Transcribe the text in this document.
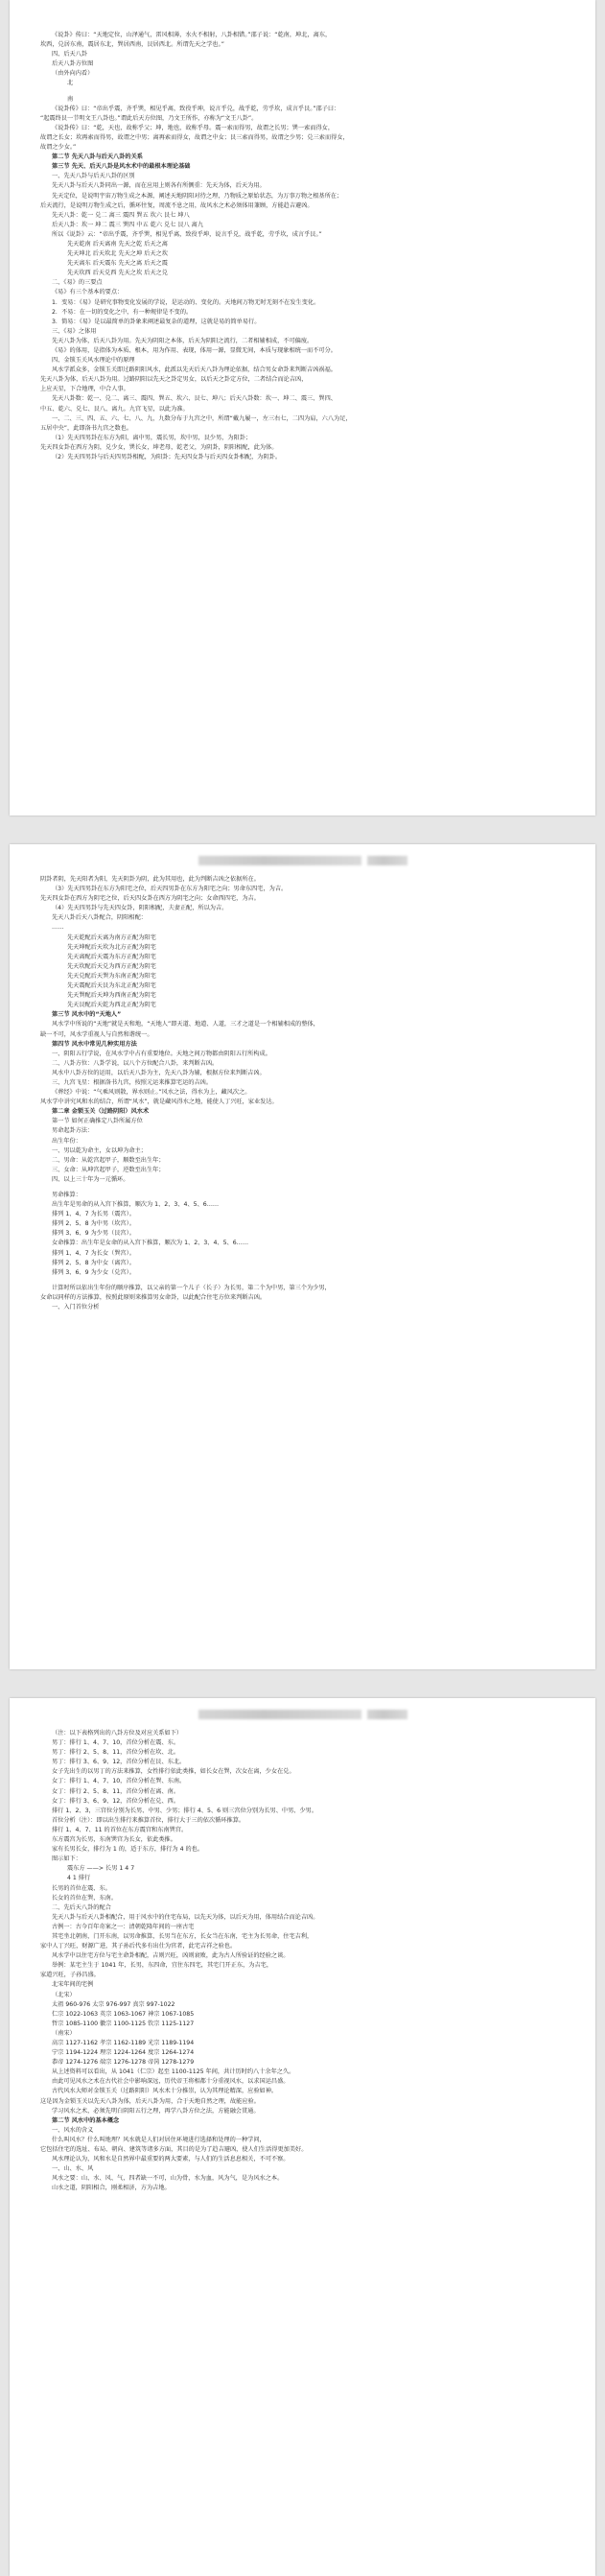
《说卦》传曰：“天地定位，山泽通气，雷风相薄，水火不相射，八卦相错。”邵子说：“乾南，坤北，离东，

坎西，兑居东南，震居东北，巽居西南，艮居西北。所谓先天之学也。”

四、后天八卦

后天八卦方位图

（由外向内看）

北

南

《说卦传》曰：“帝出乎震，齐乎巽，相见乎离，致役乎坤，说言乎兑，战乎乾，劳乎坎，成言乎艮。”邵子曰：

“起震终艮一节明文王八卦也。”谓此后天方位图，乃文王所作，亦称为“文王八卦”。

《说卦传》曰：“乾，天也，故称乎父；坤，地也，故称乎母。震一索而得男，故谓之长男；巽一索而得女，

故谓之长女；坎再索而得男，故谓之中男；离再索而得女，故谓之中女；艮三索而得男，故谓之少男；兑三索而得女，

故谓之少女。”

第二节 先天八卦与后天八卦的关系

第三节 先天、后天八卦是风水术中的最根本理论基础

一、先天八卦与后天八卦的区别

先天八卦与后天八卦同出一源，而在应用上则各有所侧重：先天为体，后天为用。

先天定位，是说明宇宙万物生成之本源，阐述天地阴阳对待之理，乃物质之原始状态，为万事万物之根基所在；

后天流行，是说明万物生成之后，循环往复，周流不息之用，故风水之术必须体用兼顾，方能趋吉避凶。

先天八卦：乾一 兑二 离三 震四 巽五 坎六 艮七 坤八

后天八卦：坎一 坤二 震三 巽四 中五 乾六 兑七 艮八 离九

所以《说卦》云：“帝出乎震，齐乎巽，相见乎离，致役乎坤，说言乎兑，战乎乾，劳乎坎，成言乎艮。”

先天乾南 后天离南 先天之乾 后天之离

先天坤北 后天坎北 先天之坤 后天之坎

先天离东 后天震东 先天之离 后天之震

先天坎西 后天兑西 先天之坎 后天之兑

二、《易》的三要点

《易》有三个基本的要点：

1．变易：《易》是研究事物变化发展的学说，是运动的、变化的。天地间万物无时无刻不在发生变化。

2．不易：在一切的变化之中，有一种规律是不变的。

3．简易：《易》是以最简单的卦象来阐述最复杂的道理，这就是易的简单易行。

三、《易》之体用

先天八卦为体，后天八卦为用。先天为阴阳之本体，后天为阴阳之流行，二者相辅相成，不可偏废。

《易》的体用，是指体为本质、根本，用为作用、表现，体用一源，显微无间，本质与现象相统一而不可分。

四、金锁玉关风水理论中的原理

风水学派众多，金锁玉关即过路阴阳风水，此派以先天后天八卦为理论依据，结合男女命卦来判断吉凶祸福。

先天八卦为体，后天八卦为用。过路阴阳以先天之卦定男女，以后天之卦定方位，二者结合而论吉凶，

上应天星，下合地理，中合人事。

先天八卦数：乾一、兑二、离三、震四、巽五、坎六、艮七、坤八；后天八卦数：坎一、坤二、震三、巽四、

中五、乾六、兑七、艮八、离九。九宫飞星，以此为准。

一、二、三、四、五、六、七、八、九，九数分布于九宫之中，所谓“戴九履一，左三右七，二四为肩，六八为足，

五居中央”，此即洛书九宫之数也。

（1）先天四男卦在东方为阳，离中男，震长男，坎中男，艮少男，为阳卦；

先天四女卦在西方为阴，兑少女，巽长女，坤老母，乾老父，为阴卦，阴阳相配，此为体。

（2）先天四男卦与后天四男卦相配，为阳卦；先天四女卦与后天四女卦相配，为阴卦。

阴卦者阴，先天阳者为阳，先天阴卦为阴，此为其用也，此为判断吉凶之依据所在。

（3）先天四男卦在东方为阳宅之位，后天四男卦在东方为阳宅之向；男命东四宅，为吉。

先天四女卦在西方为阴宅之位，后天四女卦在西方为阴宅之向；女命西四宅，为吉。

（4）先天四男卦与先天四女卦，阴阳相配，夫妻正配，所以为吉。

先天八卦后天八卦配合，阴阳相配：

……

先天乾配后天离为南方正配为阳宅

先天坤配后天坎为北方正配为阴宅

先天离配后天震为东方正配为阳宅

先天坎配后天兑为西方正配为阴宅

先天兑配后天巽为东南正配为阳宅

先天震配后天艮为东北正配为阳宅

先天巽配后天坤为西南正配为阴宅

先天艮配后天乾为西北正配为阴宅

第三节 风水中的“天地人”

风水学中所说的“天地”就是天和地，“天地人”即天道、地道、人道，三才之道是一个相辅相成的整体，

缺一不可，风水学重视人与自然和谐统一。

第四节 风水中常见几种实用方法

一、阴阳五行学说，在风水学中占有重要地位。天地之间万物都由阴阳五行所构成。

二、八卦方位：八卦学说，以八个方位配合八卦，来判断吉凶。

风水中八卦方位的运用，以后天八卦为主，先天八卦为辅，根据方位来判断吉凶。

三、九宫飞星：根据洛书九宫，按照元运来推算宅运的吉凶。

《葬经》中说：“气乘风则散，界水则止。”风水之法，得水为上，藏风次之。

风水学中讲究风和水的结合，所谓“风水”，就是藏风得水之地，能使人丁兴旺，家业发达。

第二章 金锁玉关（过路阴阳）风水术

第一节 如何正确推定八卦所属方位

男命起卦方法：

出生年份：

一、男以乾为命主，女以坤为命主；

二、男命：从乾宫起甲子，顺数至出生年；

三、女命：从坤宫起甲子，逆数至出生年；

四、以上三十年为一元循环。

男命推算：

出生年是男命的从入宫下推算，顺次为 1、2、3、4、5、6……

排列 1、4、7 为长男（震宫）。

排列 2、5、8 为中男（坎宫）。

排列 3、6、9 为少男（艮宫）。

女命推算：出生年是女命的从入宫下推算，顺次为 1、2、3、4、5、6……

排列 1、4、7 为长女（巽宫）。

排列 2、5、8 为中女（离宫）。

排列 3、6、9 为少女（兑宫）。

计算时所以依出生年份的顺序推算，以父亲的第一个儿子（长子）为长男，第二个为中男，第三个为少男，

女命以同样的方法推算，按照此原则来推算男女命卦，以此配合住宅方位来判断吉凶。

一、入门首位分析

（注：以下表格列出的八卦方位及对应关系如下）

男丁：排行 1、4、7、10，首位分析在震、东。

男丁：排行 2、5、8、11，首位分析在坎、北。

男丁：排行 3、6、9、12，首位分析在艮、东北。

女子先出生的以男丁的方法来推算，女性排行依此类推，如长女在巽，次女在离，少女在兑。

女丁：排行 1、4、7、10，首位分析在巽、东南。

女丁：排行 2、5、8、11，首位分析在离、南。

女丁：排行 3、6、9、12，首位分析在兑、西。

排行 1、2、3，三宫位分别为长男、中男、少男；排行 4、5、6 则三宫位分别为长男、中男、少男。

首位分析（注）：即以出生排行来推算首位，排行大于三的依次循环推算。

排行 1、4、7、11 的首位在东方震宫和东南巽宫。

东方震宫为长男，东南巽宫为长女，依此类推。

家有长男长女，排行为 1 的，适于东方，排行为 4 的也。

图示如下：

震东方 ——> 长男 1 4 7

4 1 排行

长男的首位在震、东。

长女的首位在巽、东南。

二、先后天八卦的配合

先天八卦与后天八卦相配合，用于风水中的住宅布局，以先天为体，以后天为用，体用结合而论吉凶。

古例一：古今百年奇案之一：清朝乾隆年间的一座古宅

其宅坐北朝南，门开东南，以男命推算，长男当在东方，长女当在东南，宅主为长男命，住宅吉利，

家中人丁兴旺，财源广进，其子孙后代多有出仕为官者，此宅吉祥之验也。

风水学中以住宅方位与宅主命卦相配，吉则兴旺，凶则衰败，此为古人所验证的经验之谈。

举例：某宅主生于 1041 年，长男，东四命，宜住东四宅，其宅门开正东，为吉宅，

家道兴旺，子孙昌盛。

北宋年间的宅例

（北宋）

太祖 960-976 太宗 976-997 真宗 997-1022

仁宗 1022-1063 英宗 1063-1067 神宗 1067-1085

哲宗 1085-1100 徽宗 1100-1125 钦宗 1125-1127

（南宋）

高宗 1127-1162 孝宗 1162-1189 光宗 1189-1194

宁宗 1194-1224 理宗 1224-1264 度宗 1264-1274

恭帝 1274-1276 端宗 1276-1278 帝昺 1278-1279

从上述资料可以看出，从 1041（仁宗）起至 1100-1125 年间，共计历时约八十余年之久。

由此可见风水之术在古代社会中影响深远，历代帝王将相都十分重视风水，以求国运昌盛。

古代风水大师对金锁玉关（过路阴阳）风水术十分推崇，认为其理论精深，应验如神。

这是因为金锁玉关以先天八卦为体，后天八卦为用，合于天地自然之理，故能应验。

学习风水之术，必须先明白阴阳五行之理，再学八卦方位之法，方能融会贯通。

第二节 风水中的基本概念

一、风水的含义

什么叫风水？什么叫地理？风水就是人们对居住环境进行选择和处理的一种学问，

它包括住宅的选址、布局、朝向、建筑等诸多方面，其目的是为了趋吉避凶，使人们生活得更加美好。

风水理论认为，风和水是自然界中最重要的两大要素，与人们的生活息息相关，不可不察。

一、山、水、风

风水之要：山、水、风、气，四者缺一不可，山为骨，水为血，风为气，是为风水之本。

山水之道，阴阳相合，刚柔相济，方为吉地。
